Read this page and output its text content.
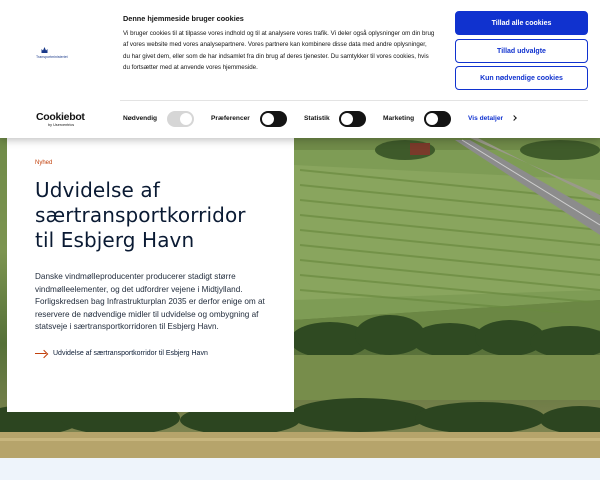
Nyhed
Udvidelse af særtransportkorridor til Esbjerg Havn

Danske vindmølleproducenter producerer stadigt større vindmølleelementer, og det udfordrer vejene i Midtjylland. Forligskredsen bag Infrastrukturplan 2035 er derfor enige om at reservere de nødvendige midler til udvidelse og ombygning af statsveje i særtransportkorridoren til Esbjerg Havn.

Udvidelse af særtransportkorridor til Esbjerg Havn
Transportministeriet
Denne hjemmeside bruger cookies
Vi bruger cookies til at tilpasse vores indhold og til at analysere vores trafik. Vi deler også oplysninger om din brug af vores website med vores analysepartnere. Vores partnere kan kombinere disse data med andre oplysninger, du har givet dem, eller som de har indsamlet fra din brug af deres tjenester. Du samtykker til vores cookies, hvis du fortsætter med at anvende vores hjemmeside.
Tillad alle cookies
Tillad udvalgte
Kun nødvendige cookies
Cookiebot
by Usercentrics
Nødvendig	Præferencer	Statistik	Marketing	Vis detaljer
